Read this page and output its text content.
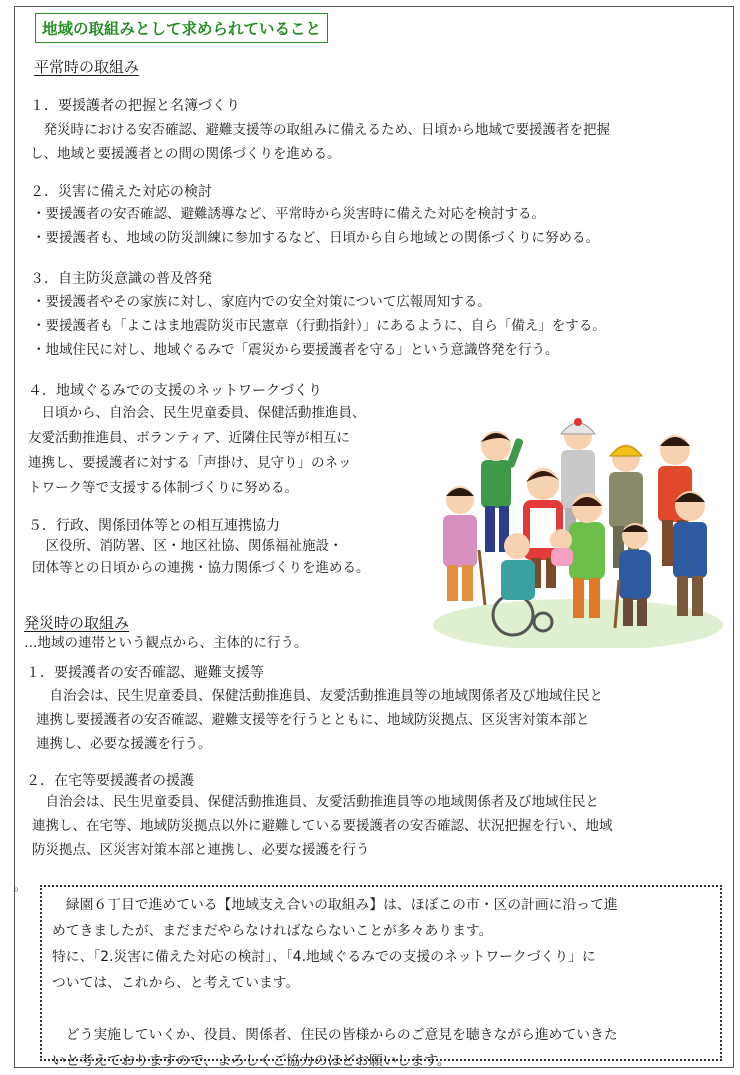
地域の取組みとして求められていること
平常時の取組み
１．要援護者の把握と名簿づくり
　発災時における安否確認、避難支援等の取組みに備えるため、日頃から地域で要援護者を把握
し、地域と要援護者との間の関係づくりを進める。
２．災害に備えた対応の検討
・要援護者の安否確認、避難誘導など、平常時から災害時に備えた対応を検討する。
・要援護者も、地域の防災訓練に参加するなど、日頃から自ら地域との関係づくりに努める。
３．自主防災意識の普及啓発
・要援護者やその家族に対し、家庭内での安全対策について広報周知する。
・要援護者も「よこはま地震防災市民憲章（行動指針）」にあるように、自ら「備え」をする。
・地域住民に対し、地域ぐるみで「震災から要援護者を守る」という意識啓発を行う。
４．地域ぐるみでの支援のネットワークづくり
　日頃から、自治会、民生児童委員、保健活動推進員、
友愛活動推進員、ボランティア、近隣住民等が相互に
連携し、要援護者に対する「声掛け、見守り」のネッ
トワーク等で支援する体制づくりに努める。
５．行政、関係団体等との相互連携協力
　区役所、消防署、区・地区社協、関係福祉施設・
団体等との日頃からの連携・協力関係づくりを進める。
発災時の取組み
…地域の連帯という観点から、主体的に行う。
１．要援護者の安否確認、避難支援等
　自治会は、民生児童委員、保健活動推進員、友愛活動推進員等の地域関係者及び地域住民と
連携し要援護者の安否確認、避難支援等を行うとともに、地域防災拠点、区災害対策本部と
連携し、必要な援護を行う。
２．在宅等要援護者の援護
　自治会は、民生児童委員、保健活動推進員、友愛活動推進員等の地域関係者及び地域住民と
連携し、在宅等、地域防災拠点以外に避難している要援護者の安否確認、状況把握を行い、地域
防災拠点、区災害対策本部と連携し、必要な援護を行う
。
　緑園６丁目で進めている【地域支え合いの取組み】は、ほぼこの市・区の計画に沿って進
めてきましたが、まだまだやらなければならないことが多々あります。
特に、「2.災害に備えた対応の検討」、「4.地域ぐるみでの支援のネットワークづくり」に
ついては、これから、と考えています。
　どう実施していくか、役員、関係者、住民の皆様からのご意見を聴きながら進めていきた
いと考えておりますので、よろしくご協力のほどお願いします。
